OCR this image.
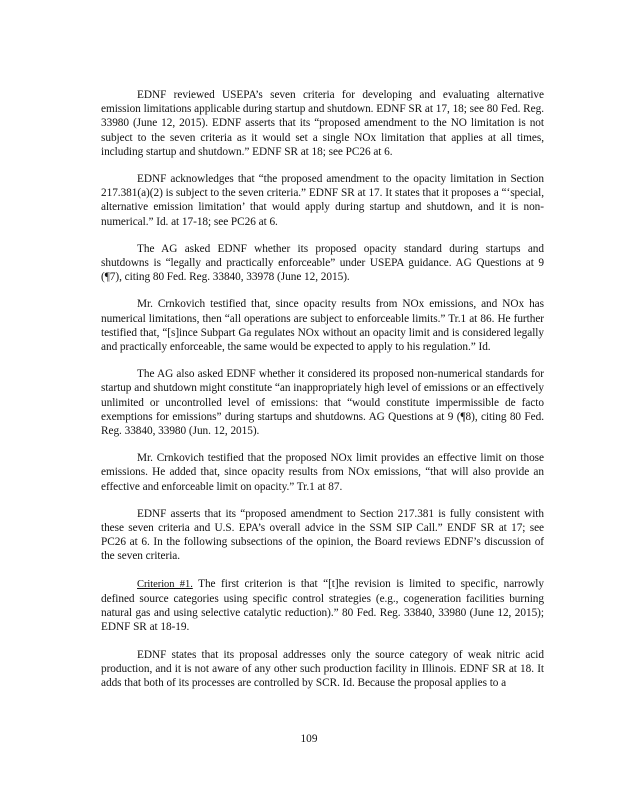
EDNF reviewed USEPA’s seven criteria for developing and evaluating alternative emission limitations applicable during startup and shutdown. EDNF SR at 17, 18; see 80 Fed. Reg. 33980 (June 12, 2015). EDNF asserts that its “proposed amendment to the NO limitation is not subject to the seven criteria as it would set a single NOx limitation that applies at all times, including startup and shutdown.” EDNF SR at 18; see PC26 at 6.

EDNF acknowledges that “the proposed amendment to the opacity limitation in Section 217.381(a)(2) is subject to the seven criteria.” EDNF SR at 17. It states that it proposes a “‘special, alternative emission limitation’ that would apply during startup and shutdown, and it is non-numerical.” Id. at 17-18; see PC26 at 6.

The AG asked EDNF whether its proposed opacity standard during startups and shutdowns is “legally and practically enforceable” under USEPA guidance. AG Questions at 9 (¶7), citing 80 Fed. Reg. 33840, 33978 (June 12, 2015).

Mr. Crnkovich testified that, since opacity results from NOx emissions, and NOx has numerical limitations, then “all operations are subject to enforceable limits.” Tr.1 at 86. He further testified that, “[s]ince Subpart Ga regulates NOx without an opacity limit and is considered legally and practically enforceable, the same would be expected to apply to his regulation.” Id.

The AG also asked EDNF whether it considered its proposed non-numerical standards for startup and shutdown might constitute “an inappropriately high level of emissions or an effectively unlimited or uncontrolled level of emissions: that “would constitute impermissible de facto exemptions for emissions” during startups and shutdowns. AG Questions at 9 (¶8), citing 80 Fed. Reg. 33840, 33980 (Jun. 12, 2015).

Mr. Crnkovich testified that the proposed NOx limit provides an effective limit on those emissions. He added that, since opacity results from NOx emissions, “that will also provide an effective and enforceable limit on opacity.” Tr.1 at 87.

EDNF asserts that its “proposed amendment to Section 217.381 is fully consistent with these seven criteria and U.S. EPA’s overall advice in the SSM SIP Call.” ENDF SR at 17; see PC26 at 6. In the following subsections of the opinion, the Board reviews EDNF’s discussion of the seven criteria.

Criterion #1. The first criterion is that “[t]he revision is limited to specific, narrowly defined source categories using specific control strategies (e.g., cogeneration facilities burning natural gas and using selective catalytic reduction).” 80 Fed. Reg. 33840, 33980 (June 12, 2015); EDNF SR at 18-19.

EDNF states that its proposal addresses only the source category of weak nitric acid production, and it is not aware of any other such production facility in Illinois. EDNF SR at 18. It adds that both of its processes are controlled by SCR. Id. Because the proposal applies to a

109
